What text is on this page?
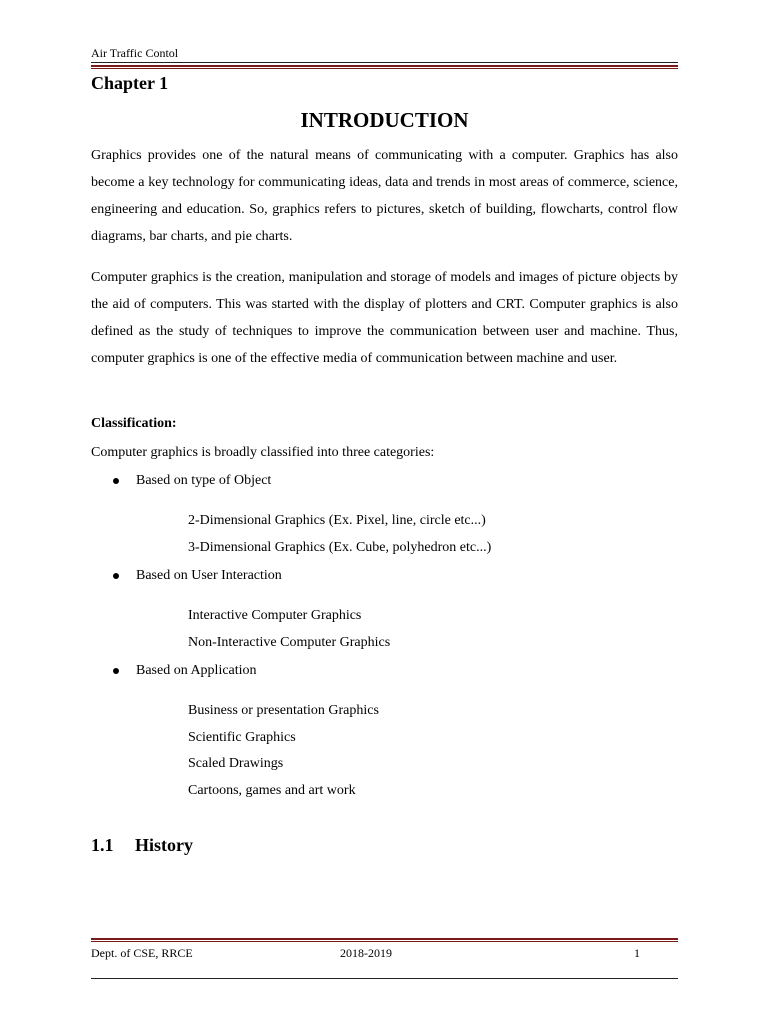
Air Traffic Contol
Chapter 1
INTRODUCTION
Graphics provides one of the natural means of communicating with a computer. Graphics has also become a key technology for communicating ideas, data and trends in most areas of commerce, science, engineering and education. So, graphics refers to pictures, sketch of building, flowcharts, control flow diagrams, bar charts, and pie charts.
Computer graphics is the creation, manipulation and storage of models and images of picture objects by the aid of computers. This was started with the display of plotters and CRT. Computer graphics is also defined as the study of techniques to improve the communication between user and machine. Thus, computer graphics is one of the effective media of communication between machine and user.
Classification:
Computer graphics is broadly classified into three categories:
Based on type of Object
2-Dimensional Graphics (Ex. Pixel, line, circle etc...)
3-Dimensional Graphics (Ex. Cube, polyhedron etc...)
Based on User Interaction
Interactive Computer Graphics
Non-Interactive Computer Graphics
Based on Application
Business or presentation Graphics
Scientific Graphics
Scaled Drawings
Cartoons, games and art work
1.1 History
Dept. of CSE, RRCE	2018-2019	1
